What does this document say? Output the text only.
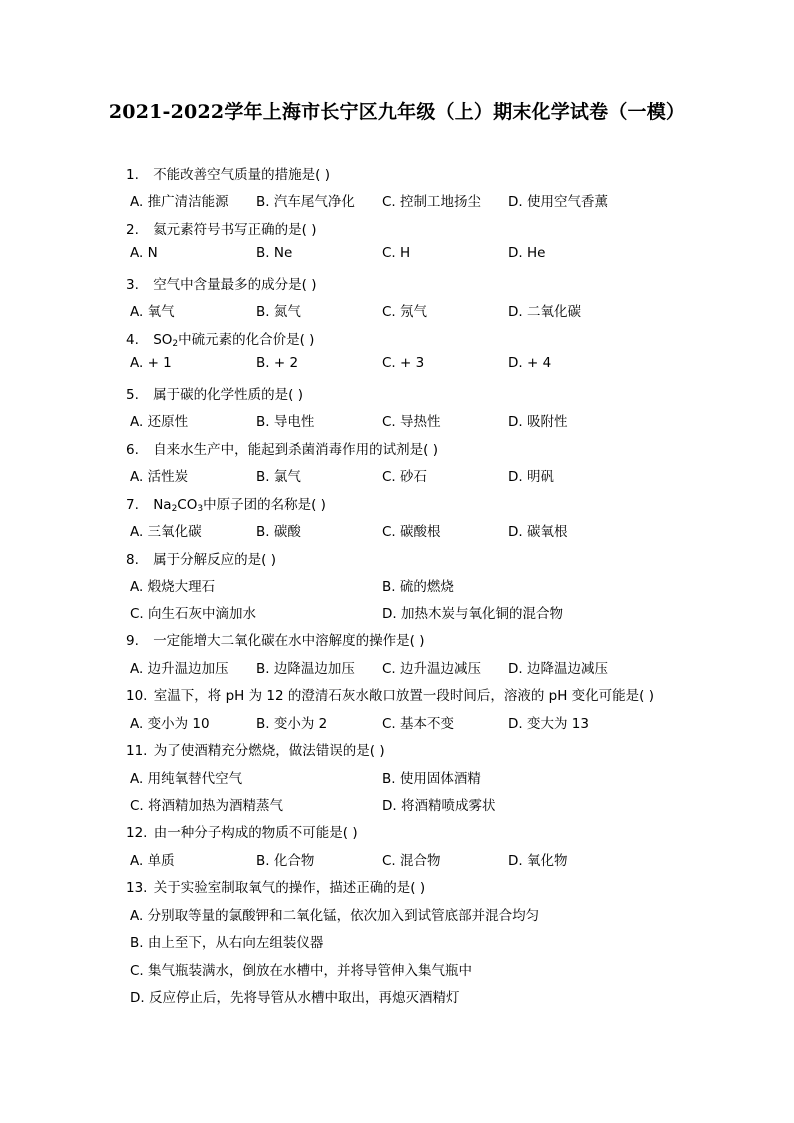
2021-2022学年上海市长宁区九年级（上）期末化学试卷（一模）
1. 不能改善空气质量的措施是( )
A. 推广清洁能源 B. 汽车尾气净化 C. 控制工地扬尘 D. 使用空气香薰
2. 氦元素符号书写正确的是( )
A. N	B. Ne	C. H	D. He
3. 空气中含量最多的成分是( )
A. 氧气	B. 氮气	C. 氖气	D. 二氧化碳
4. $SO_2$中硫元素的化合价是( )
A. + 1	B. + 2	C. + 3	D. + 4
5. 属于碳的化学性质的是( )
A. 还原性	B. 导电性	C. 导热性	D. 吸附性
6. 自来水生产中，能起到杀菌消毒作用的试剂是( )
A. 活性炭	B. 氯气	C. 砂石	D. 明矾
7. $Na_2CO_3$中原子团的名称是( )
A. 三氧化碳	B. 碳酸	C. 碳酸根	D. 碳氧根
8. 属于分解反应的是( )
A. 煅烧大理石	B. 硫的燃烧
C. 向生石灰中滴加水	D. 加热木炭与氧化铜的混合物
9. 一定能增大二氧化碳在水中溶解度的操作是( )
A. 边升温边加压 B. 边降温边加压 C. 边升温边减压 D. 边降温边减压
10. 室温下，将 pH 为 12 的澄清石灰水敞口放置一段时间后，溶液的 pH 变化可能是( )
A. 变小为 10	B. 变小为 2	C. 基本不变	D. 变大为 13
11. 为了使酒精充分燃烧，做法错误的是( )
A. 用纯氧替代空气	B. 使用固体酒精
C. 将酒精加热为酒精蒸气	D. 将酒精喷成雾状
12. 由一种分子构成的物质不可能是( )
A. 单质	B. 化合物	C. 混合物	D. 氧化物
13. 关于实验室制取氧气的操作，描述正确的是( )
A. 分别取等量的氯酸钾和二氧化锰，依次加入到试管底部并混合均匀
B. 由上至下，从右向左组装仪器
C. 集气瓶装满水，倒放在水槽中，并将导管伸入集气瓶中
D. 反应停止后，先将导管从水槽中取出，再熄灭酒精灯
